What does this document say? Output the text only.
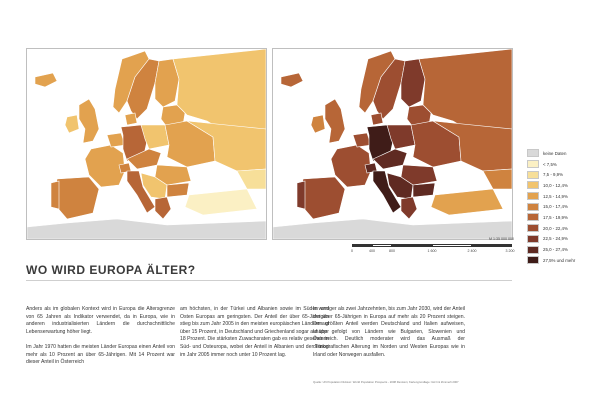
keine Daten
< 7,5%
7,5 - 9,9%
10,0 - 12,4%
12,5 - 14,9%
15,0 - 17,4%
17,5 - 19,9%
20,0 - 22,4%
22,5 - 24,9%
25,0 - 27,4%
27,5% und mehr
M 1:35 000 000
0	400	800	1 600	2 400	3 200
WO WIRD EUROPA ÄLTER?

Anders als im globalen Kontext wird in Europa die Altersgrenze von 65 Jahren als Indikator verwendet, da in Europa, wie in anderen industrialisierten Ländern die durchschnittliche Lebenserwartung höher liegt.

Im Jahr 1970 hatten die meisten Länder Europas einen Anteil von mehr als 10 Prozent an über 65-Jährigen. Mit 14 Prozent war dieser Anteil in Österreich

am höchsten, in der Türkei und Albanien sowie im Süden und Osten Europas am geringsten. Der Anteil der über 65-Jährigen stieg bis zum Jahr 2005 in den meisten europäischen Ländern auf über 15 Prozent, in Deutschland und Griechenland sogar auf über 18 Prozent. Die stärksten Zuwachsraten gab es relativ gesehen in Süd- und Osteuropa, wobei der Anteil in Albanien und der Türkei im Jahr 2005 immer noch unter 10 Prozent lag.

In weniger als zwei Jahrzehnten, bis zum Jahr 2030, wird der Anteil der über 65-Jährigen in Europa auf mehr als 20 Prozent steigen. Den größten Anteil werden Deutschland und Italien aufweisen, knapp gefolgt von Ländern wie Bulgarien, Slowenien und Österreich. Deutlich moderater wird das Ausmaß der demografischen Alterung im Norden und Westen Europas wie in Irland oder Norwegen ausfallen.

Quelle: UN Population Division: World Population Prospects - 2008 Revision; Kartengrundlage: Gizzi & Zimmerli 2007
